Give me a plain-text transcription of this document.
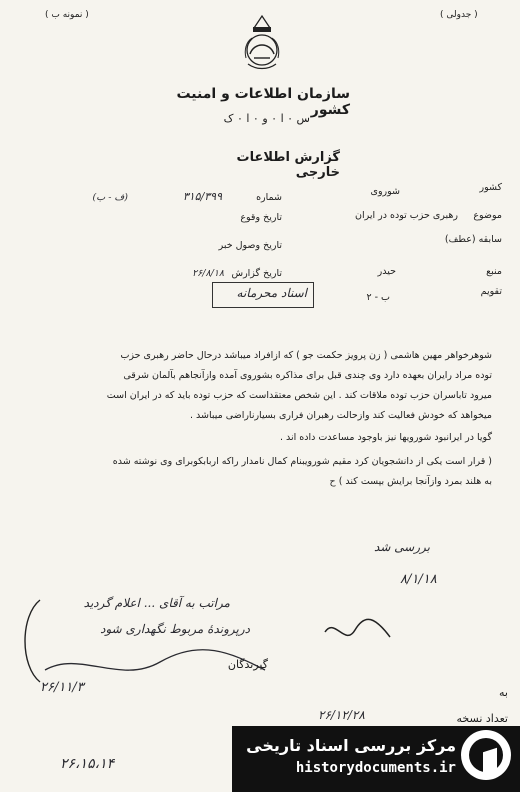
( نمونه ب )	( جدولی )
سازمان اطلاعات و امنیت کشور
س ۰ ا ۰ و ۰ ا ۰ ک
گزارش اطلاعات خارجی
کشور
شوروی
شماره
۳۱۵/۳۹۹
(ف - ب)
موضوع
رهبری حزب توده در ایران
تاریخ وقوع
سابقه (عطف)
تاریخ وصول خبر
منبع
حیدر
تاریخ گزارش
۲۶/۸/۱۸
تقویم
ب - ۲
اسناد محرمانه
شوهرخواهر مهین هاشمی ( زن پرویز حکمت جو ) که ازافراد میباشد درحال حاضر رهبری حزب
توده مراد رایران بعهده دارد وی چندی قبل برای مذاکره بشوروی آمده وازآنجاهم بآلمان شرقی
میرود تاباسران حزب توده ملاقات کند . این شخص معتقداست که حزب توده باید که در ایران است
میخواهد که خودش فعالیت کند وازحالت رهبران فراری بسیارناراضی میباشد .
گویا در ایرانبود شورویها نیز باوجود مساعدت داده اند .
( قرار است یکی از دانشجویان کرد مقیم شورویبنام کمال نامدار راکه اربابکوبرای وی نوشته شده
به هلند بمرد وازآنجا برایش بپست کند ) ح
بررسی شد
۸/۱/۱۸
مراتب به آقای ... اعلام گردید
درپروندهٔ مربوط نگهداری شود
گیرندگان
۲۶/۱۱/۳
۲۶/۱۲/۲۸	تعداد نسخه
به
۲۶،۱۵،۱۴
مرکز بررسی اسناد تاریخی
historydocuments.ir
